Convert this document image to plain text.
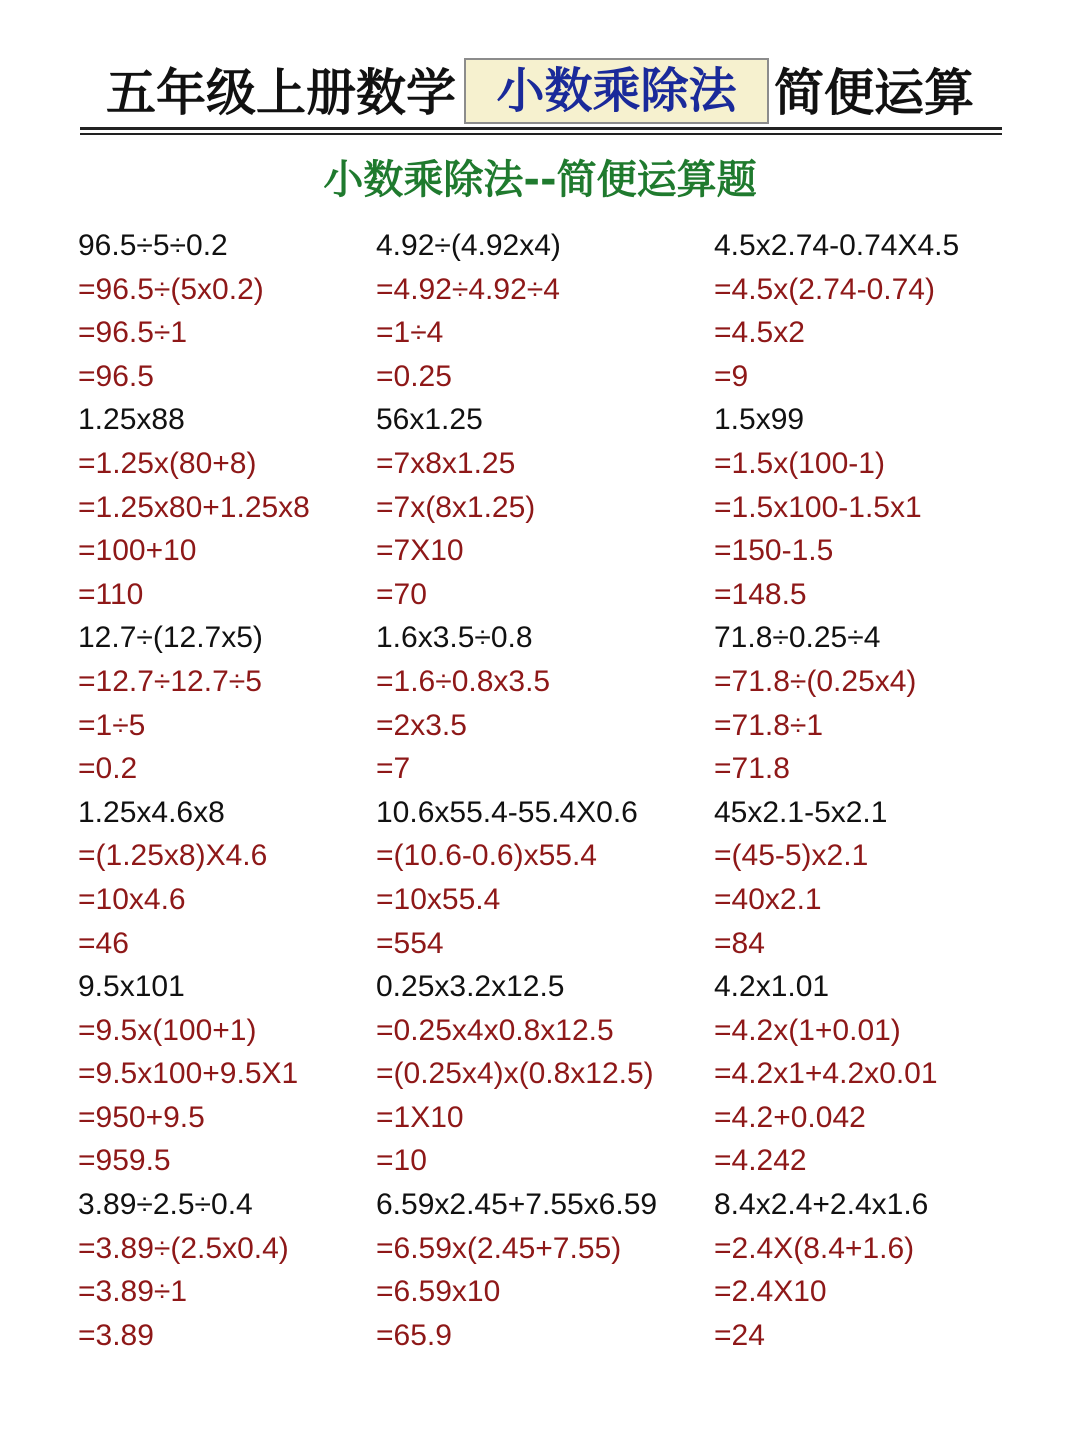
五年级上册数学 小数乘除法 简便运算
小数乘除法--简便运算题
96.5÷5÷0.2
=96.5÷(5x0.2)
=96.5÷1
=96.5
1.25x88
=1.25x(80+8)
=1.25x80+1.25x8
=100+10
=110
12.7÷(12.7x5)
=12.7÷12.7÷5
=1÷5
=0.2
1.25x4.6x8
=(1.25x8)X4.6
=10x4.6
=46
9.5x101
=9.5x(100+1)
=9.5x100+9.5X1
=950+9.5
=959.5
3.89÷2.5÷0.4
=3.89÷(2.5x0.4)
=3.89÷1
=3.89
4.92÷(4.92x4)
=4.92÷4.92÷4
=1÷4
=0.25
56x1.25
=7x8x1.25
=7x(8x1.25)
=7X10
=70
1.6x3.5÷0.8
=1.6÷0.8x3.5
=2x3.5
=7
10.6x55.4-55.4X0.6
=(10.6-0.6)x55.4
=10x55.4
=554
0.25x3.2x12.5
=0.25x4x0.8x12.5
=(0.25x4)x(0.8x12.5)
=1X10
=10
6.59x2.45+7.55x6.59
=6.59x(2.45+7.55)
=6.59x10
=65.9
4.5x2.74-0.74X4.5
=4.5x(2.74-0.74)
=4.5x2
=9
1.5x99
=1.5x(100-1)
=1.5x100-1.5x1
=150-1.5
=148.5
71.8÷0.25÷4
=71.8÷(0.25x4)
=71.8÷1
=71.8
45x2.1-5x2.1
=(45-5)x2.1
=40x2.1
=84
4.2x1.01
=4.2x(1+0.01)
=4.2x1+4.2x0.01
=4.2+0.042
=4.242
8.4x2.4+2.4x1.6
=2.4X(8.4+1.6)
=2.4X10
=24
